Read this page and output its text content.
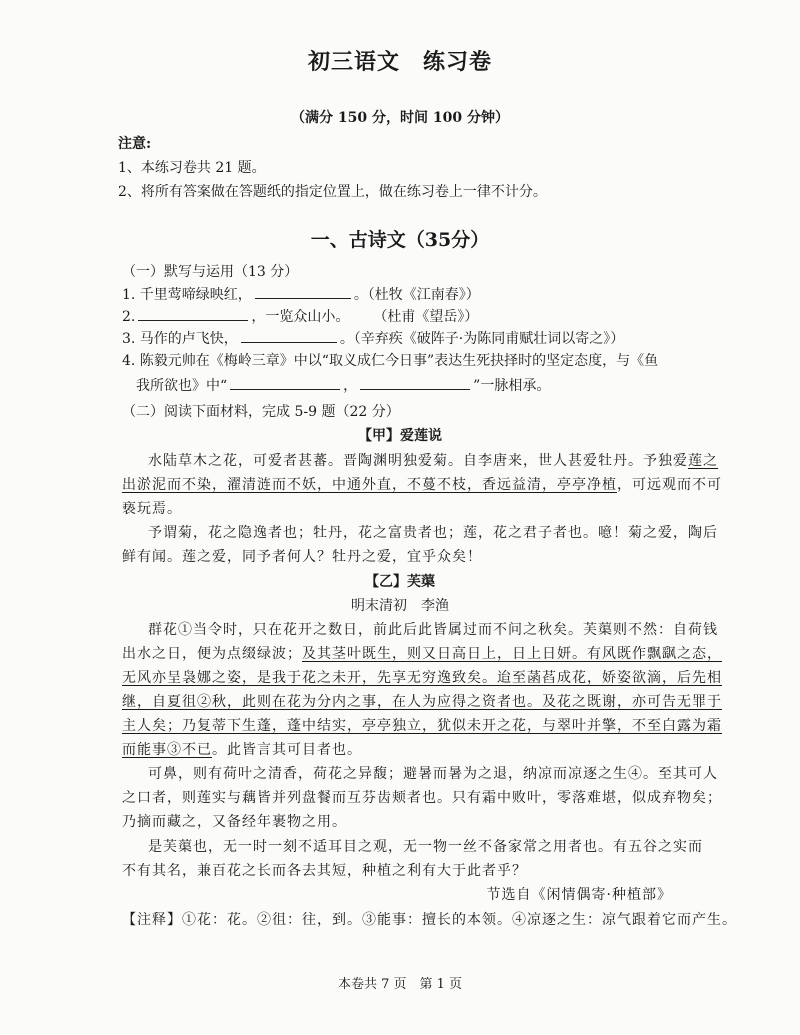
初三语文　练习卷
（满分 150 分，时间 100 分钟）
注意:
1、本练习卷共 21 题。
2、将所有答案做在答题纸的指定位置上，做在练习卷上一律不计分。
一、古诗文（35分）
（一）默写与运用（13 分）
1. 千里莺啼绿映红，	。（杜牧《江南春》）
2.	，一览众山小。 （杜甫《望岳》）
3. 马作的卢飞快，	。（辛弃疾《破阵子·为陈同甫赋壮词以寄之》）
4. 陈毅元帅在《梅岭三章》中以“取义成仁今日事”表达生死抉择时的坚定态度，与《鱼
我所欲也》中“	，	”一脉相承。
（二）阅读下面材料，完成 5-9 题（22 分）
【甲】爱莲说
水陆草木之花，可爱者甚蕃。晋陶渊明独爱菊。自李唐来，世人甚爱牡丹。予独爱莲之
出淤泥而不染，濯清涟而不妖，中通外直，不蔓不枝，香远益清，亭亭净植，可远观而不可
亵玩焉。
予谓菊，花之隐逸者也；牡丹，花之富贵者也；莲，花之君子者也。噫！菊之爱，陶后
鲜有闻。莲之爱，同予者何人？牡丹之爱，宜乎众矣！
【乙】芙蕖
明末清初　李渔
群花①当令时，只在花开之数日，前此后此皆属过而不问之秋矣。芙蕖则不然：自荷钱
出水之日，便为点缀绿波；及其茎叶既生，则又日高日上，日上日妍。有风既作飘飖之态，
无风亦呈袅娜之姿，是我于花之未开，先享无穷逸致矣。迨至菡萏成花，娇姿欲滴，后先相
继，自夏徂②秋，此则在花为分内之事，在人为应得之资者也。及花之既谢，亦可告无罪于
主人矣；乃复蒂下生蓬，蓬中结实，亭亭独立，犹似未开之花，与翠叶并擎，不至白露为霜
而能事③不已。此皆言其可目者也。
可鼻，则有荷叶之清香，荷花之异馥；避暑而暑为之退，纳凉而凉逐之生④。至其可人
之口者，则莲实与藕皆并列盘餐而互芬齿颊者也。只有霜中败叶，零落难堪，似成弃物矣；
乃摘而藏之，又备经年裹物之用。
是芙蕖也，无一时一刻不适耳目之观，无一物一丝不备家常之用者也。有五谷之实而
不有其名，兼百花之长而各去其短，种植之利有大于此者乎？
节选自《闲情偶寄·种植部》
【注释】①花：花。②徂：往，到。③能事：擅长的本领。④凉逐之生：凉气跟着它而产生。
本卷共 7 页　第 1 页
